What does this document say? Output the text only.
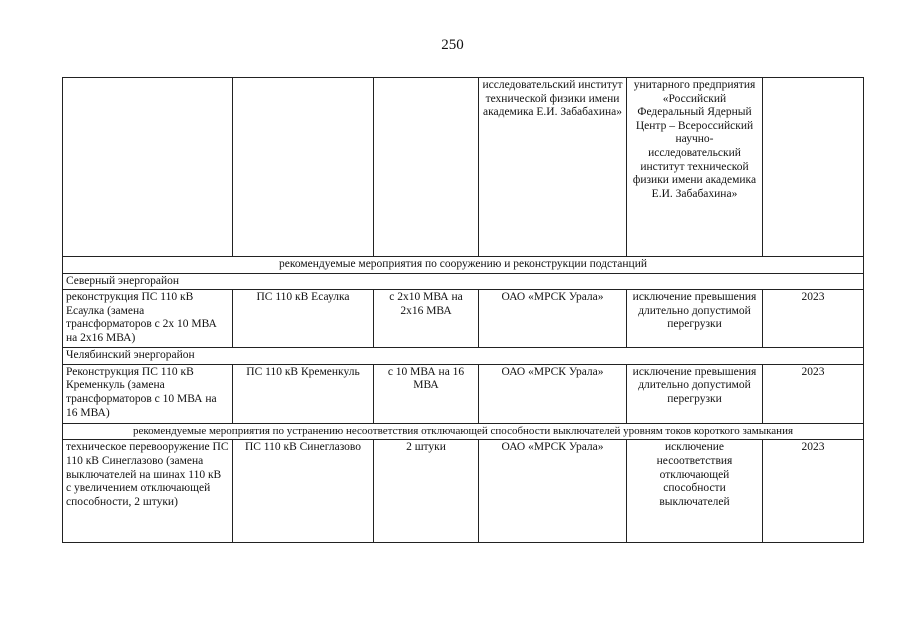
250
			исследовательский институт технической физики имени академика Е.И. Забабахина»	унитарного предприятия «Российский Федеральный Ядерный Центр – Всероссийский научно-исследовательский институт технической физики имени академика Е.И. Забабахина»	
рекомендуемые мероприятия по сооружению и реконструкции подстанций					
Северный энергорайон					
реконструкция ПС 110 кВ Есаулка (замена трансформаторов с 2х 10 МВА на 2х16 МВА)	ПС 110 кВ Есаулка	с 2х10 МВА на 2х16 МВА	ОАО «МРСК Урала»	исключение превышения длительно допустимой перегрузки	2023
Челябинский энергорайон					
Реконструкция ПС 110 кВ Кременкуль (замена трансформаторов с 10 МВА на 16 МВА)	ПС 110 кВ Кременкуль	с 10 МВА на 16 МВА	ОАО «МРСК Урала»	исключение превышения длительно допустимой перегрузки	2023
рекомендуемые мероприятия по устранению несоответствия отключающей способности выключателей уровням токов короткого замыкания					
техническое перевооружение ПС 110 кВ Синеглазово (замена выключателей на шинах 110 кВ с увеличением отключающей способности, 2 штуки)	ПС 110 кВ Синеглазово	2 штуки	ОАО «МРСК Урала»	исключение несоответствия отключающей способности выключателей	2023
